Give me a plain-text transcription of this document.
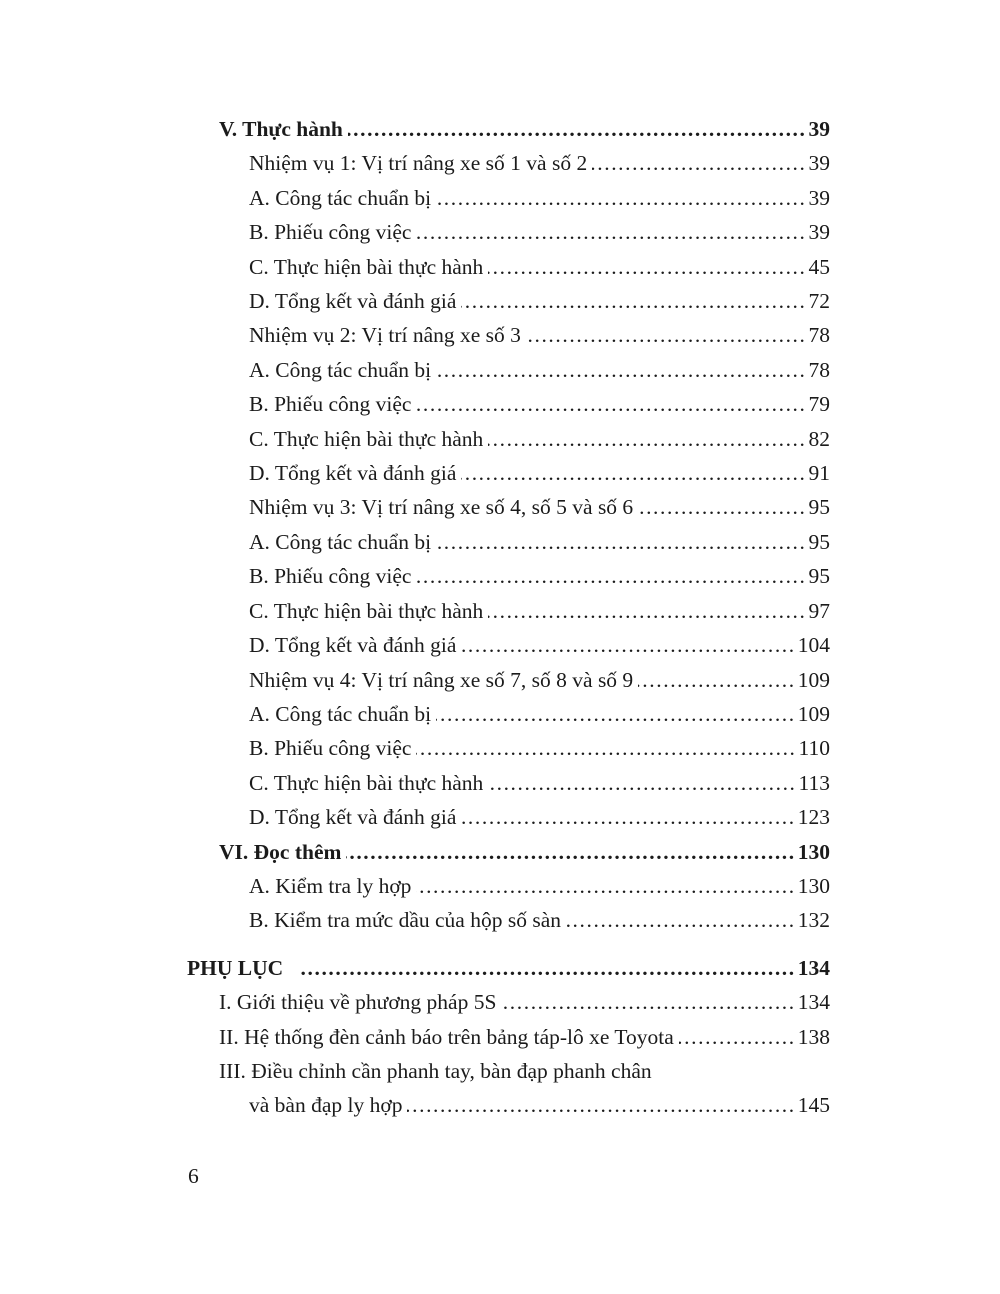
V. Thực hành .....	39
Nhiệm vụ 1: Vị trí nâng xe số 1 và số 2 .....	39
A. Công tác chuẩn bị .....	39
B. Phiếu công việc .....	39
C. Thực hiện bài thực hành .....	45
D. Tổng kết và đánh giá .....	72
Nhiệm vụ 2: Vị trí nâng xe số 3 .....	78
A. Công tác chuẩn bị .....	78
B. Phiếu công việc .....	79
C. Thực hiện bài thực hành .....	82
D. Tổng kết và đánh giá .....	91
Nhiệm vụ 3: Vị trí nâng xe số 4, số 5 và số 6 .....	95
A. Công tác chuẩn bị .....	95
B. Phiếu công việc .....	95
C. Thực hiện bài thực hành .....	97
D. Tổng kết và đánh giá .....	104
Nhiệm vụ 4: Vị trí nâng xe số 7, số 8 và số 9 .....	109
A. Công tác chuẩn bị .....	109
B. Phiếu công việc .....	110
C. Thực hiện bài thực hành .....	113
D. Tổng kết và đánh giá .....	123
VI. Đọc thêm .....	130
A. Kiểm tra ly hợp .....	130
B. Kiểm tra mức dầu của hộp số sàn .....	132
PHỤ LỤC .....	134
I. Giới thiệu về phương pháp 5S .....	134
II. Hệ thống đèn cảnh báo trên bảng táp-lô xe Toyota .....	138
III. Điều chỉnh cần phanh tay, bàn đạp phanh chân
và bàn đạp ly hợp .....	145
6
